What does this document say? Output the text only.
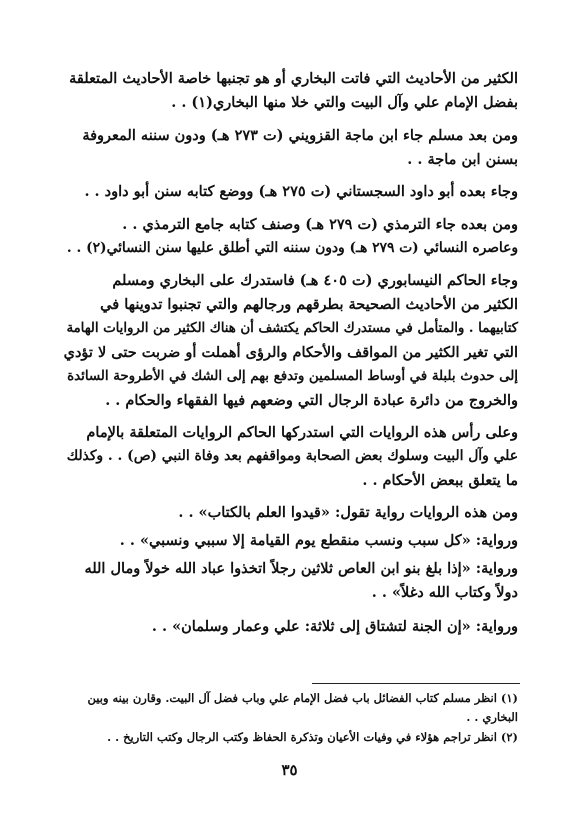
الكثير من الأحاديث التي فاتت البخاري أو هو تجنبها خاصة الأحاديث المتعلقة
بفضل الإمام علي وآل البيت والتي خلا منها البخاري(١) . .
ومن بعد مسلم جاء ابن ماجة القزويني (ت ٢٧٣ هـ) ودون سننه المعروفة
بسنن ابن ماجة . .
وجاء بعده أبو داود السجستاني (ت ٢٧٥ هـ) ووضع كتابه سنن أبو داود . .
ومن بعده جاء الترمذي (ت ٢٧٩ هـ) وصنف كتابه جامع الترمذي . .
وعاصره النسائي (ت ٢٧٩ هـ) ودون سننه التي أطلق عليها سنن النسائي(٢) . .
وجاء الحاكم النيسابوري (ت ٤٠٥ هـ) فاستدرك على البخاري ومسلم
الكثير من الأحاديث الصحيحة بطرقهم ورجالهم والتي تجنبوا تدوينها في
كتابيهما . والمتأمل في مستدرك الحاكم يكتشف أن هناك الكثير من الروايات الهامة
التي تغير الكثير من المواقف والأحكام والرؤى أهملت أو ضربت حتى لا تؤدي
إلى حدوث بلبلة في أوساط المسلمين وتدفع بهم إلى الشك في الأطروحة السائدة
والخروج من دائرة عبادة الرجال التي وضعهم فيها الفقهاء والحكام . .
وعلى رأس هذه الروايات التي استدركها الحاكم الروايات المتعلقة بالإمام
علي وآل البيت وسلوك بعض الصحابة ومواقفهم بعد وفاة النبي (ص) . . وكذلك
ما يتعلق ببعض الأحكام . .
ومن هذه الروايات رواية تقول: «قيدوا العلم بالكتاب» . .
ورواية: «كل سبب ونسب منقطع يوم القيامة إلا سببي ونسبي» . .
ورواية: «إذا بلغ بنو ابن العاص ثلاثين رجلاً اتخذوا عباد الله خولاً ومال الله
دولاً وكتاب الله دغلاً» . .
ورواية: «إن الجنة لتشتاق إلى ثلاثة: علي وعمار وسلمان» . .
(١) انظر مسلم كتاب الفضائل باب فضل الإمام علي وباب فضل آل البيت. وقارن بينه وبين
البخاري . .
(٢) انظر تراجم هؤلاء في وفيات الأعيان وتذكرة الحفاظ وكتب الرجال وكتب التاريخ . .
٣٥
